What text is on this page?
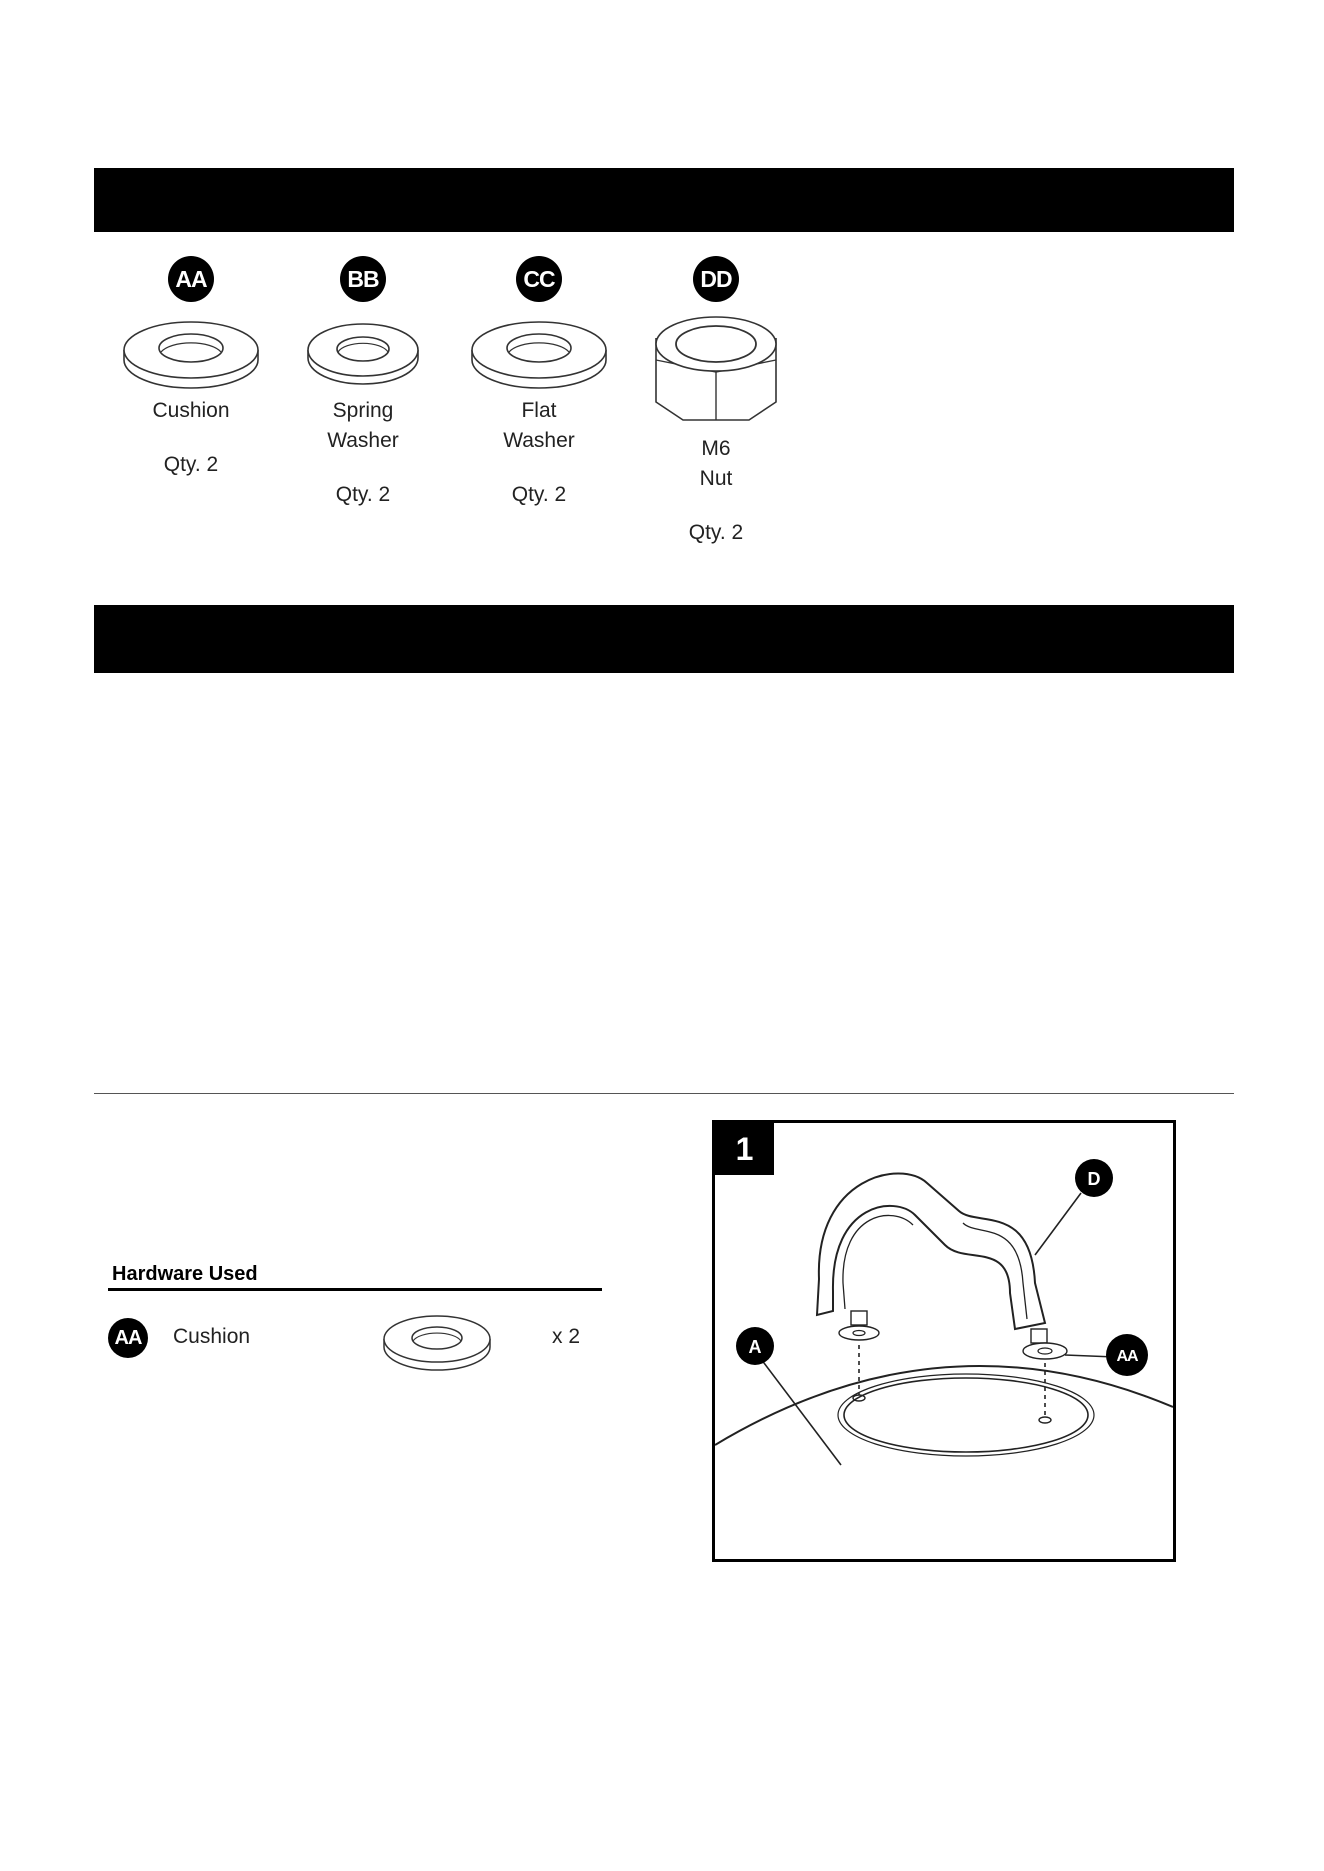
AA
Cushion
Qty. 2
BB
Spring
Washer
Qty. 2
CC
Flat
Washer
Qty. 2
DD
M6
Nut
Qty. 2
Hardware Used
AA	Cushion	x 2
D
A	AA
1
